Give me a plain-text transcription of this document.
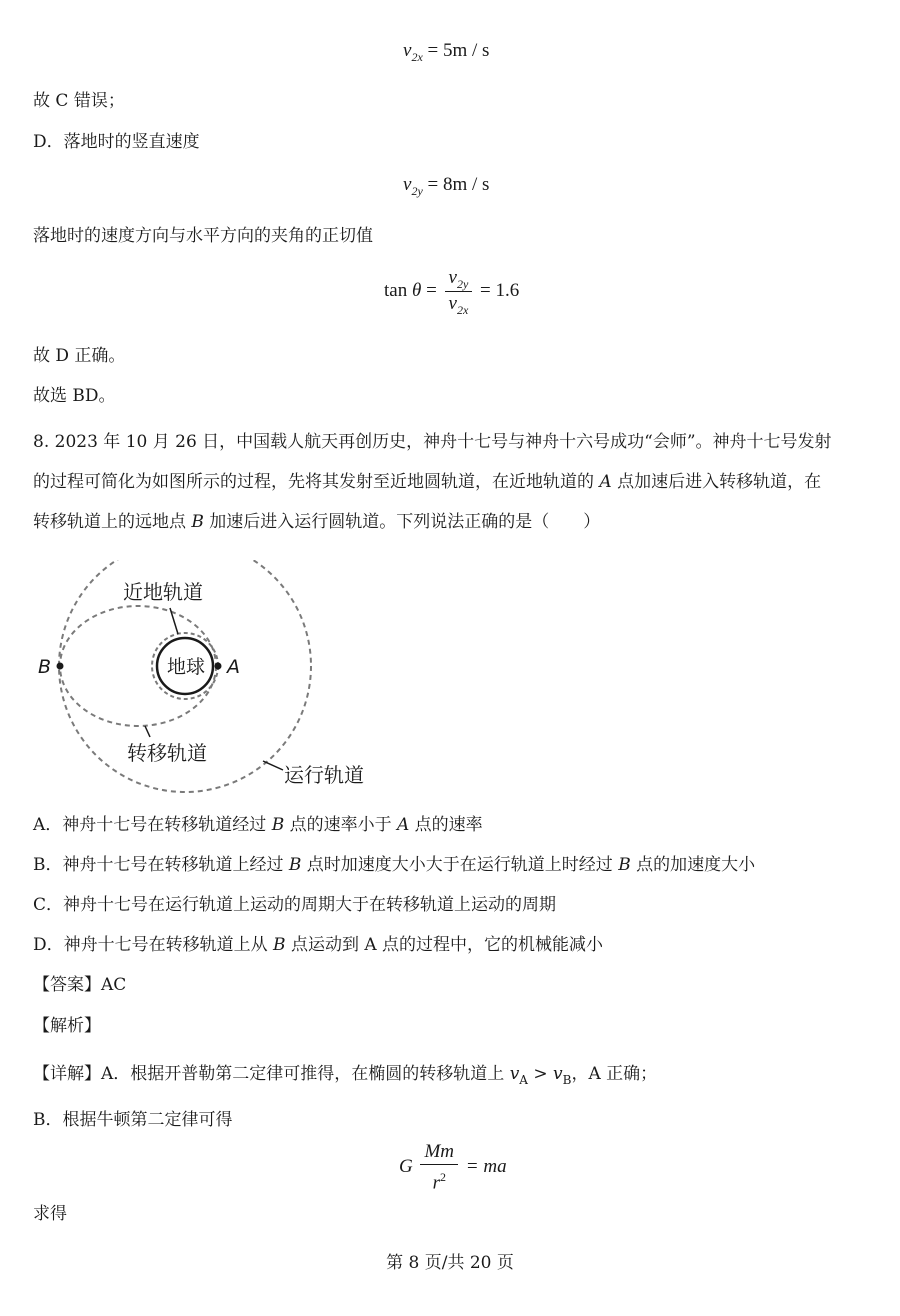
$v_{2x} = 5m / s$
故 C 错误；
D．落地时的竖直速度
$v_{2y} = 8m / s$
落地时的速度方向与水平方向的夹角的正切值
$\tan \theta = \frac{v_{2y}}{v_{2x}} = 1.6$
故 D 正确。
故选 BD。
8. 2023 年 10 月 26 日，中国载人航天再创历史，神舟十七号与神舟十六号成功“会师”。神舟十七号发射
的过程可简化为如图所示的过程，先将其发射至近地圆轨道，在近地轨道的 A 点加速后进入转移轨道，在
转移轨道上的远地点 B 加速后进入运行圆轨道。下列说法正确的是（　　）
近地轨道
地球 A
B
转移轨道
运行轨道
A．神舟十七号在转移轨道经过 B 点的速率小于 A 点的速率
B．神舟十七号在转移轨道上经过 B 点时加速度大小大于在运行轨道上时经过 B 点的加速度大小
C．神舟十七号在运行轨道上运动的周期大于在转移轨道上运动的周期
D．神舟十七号在转移轨道上从 B 点运动到 A 点的过程中，它的机械能减小
【答案】AC
【解析】
【详解】A．根据开普勒第二定律可推得，在椭圆的转移轨道上 $v_A > v_B$，A 正确；
B．根据牛顿第二定律可得
G $\frac{Mm}{r^2}$ = ma
求得
第 8 页/共 20 页
